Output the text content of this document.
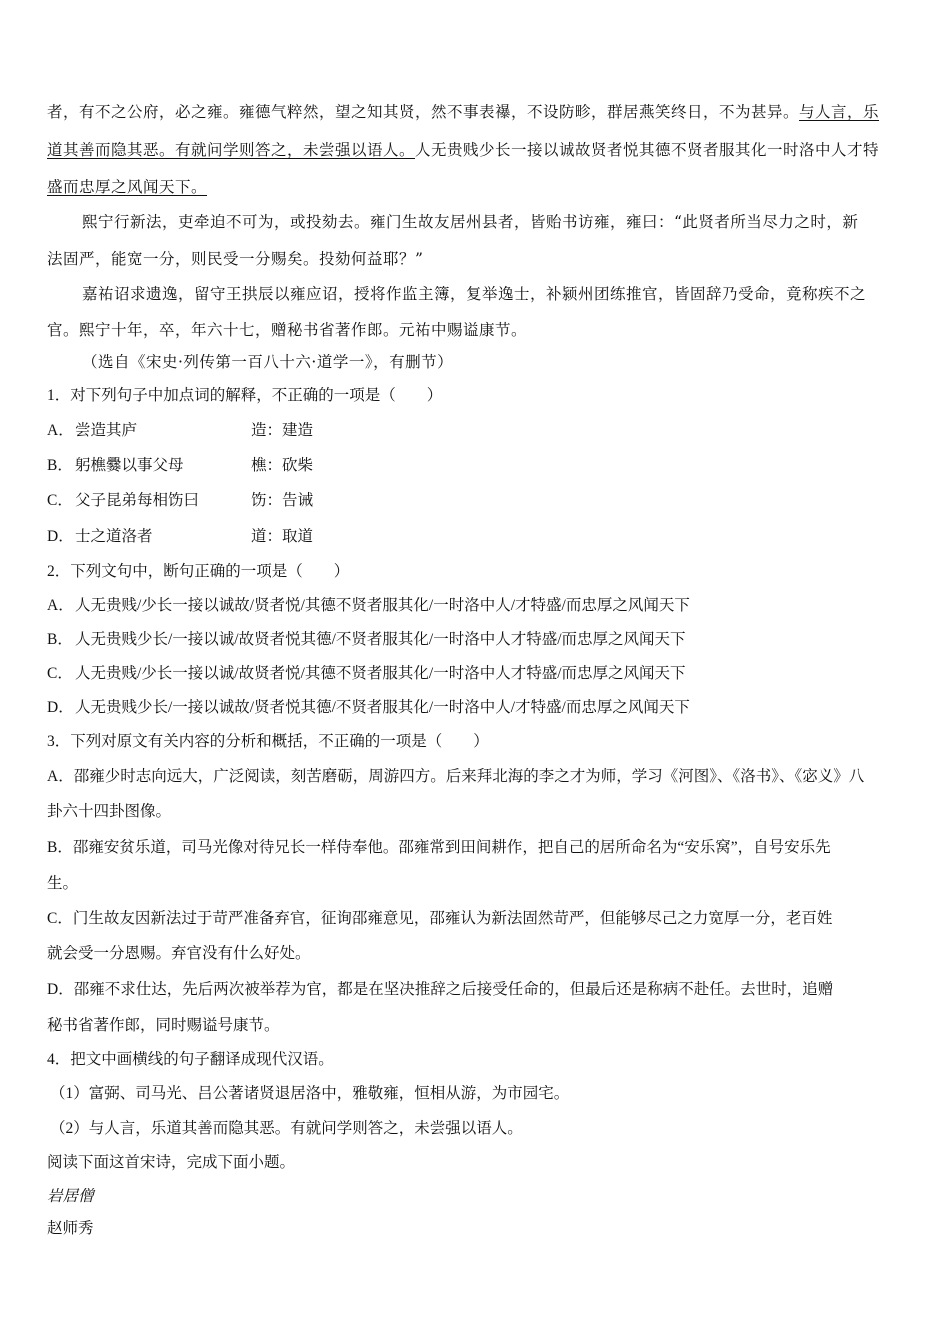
者，有不之公府，必之雍。雍德气粹然，望之知其贤，然不事表襮，不设防畛，群居燕笑终日，不为甚异。与人言，乐
道其善而隐其恶。有就问学则答之，未尝强以语人。人无贵贱少长一接以诚故贤者悦其德不贤者服其化一时洛中人才特
盛而忠厚之风闻天下。
熙宁行新法，吏牵迫不可为，或投劾去。雍门生故友居州县者，皆贻书访雍，雍曰：“此贤者所当尽力之时，新
法固严，能宽一分，则民受一分赐矣。投劾何益耶？”
嘉祐诏求遗逸，留守王拱辰以雍应诏，授将作监主簿，复举逸士，补颍州团练推官，皆固辞乃受命，竟称疾不之
官。熙宁十年，卒，年六十七，赠秘书省著作郎。元祐中赐谥康节。
（选自《宋史·列传第一百八十六·道学一》，有删节）
1．对下列句子中加点词的解释，不正确的一项是（　　）
A．尝造其庐	造：建造
B． 躬樵爨以事父母	樵：砍柴
C． 父子昆弟每相饬曰	饬：告诫
D．士之道洛者	道：取道
2．下列文句中，断句正确的一项是（　　）
A．人无贵贱/少长一接以诚故/贤者悦/其德不贤者服其化/一时洛中人/才特盛/而忠厚之风闻天下
B． 人无贵贱少长/一接以诚/故贤者悦其德/不贤者服其化/一时洛中人才特盛/而忠厚之风闻天下
C． 人无贵贱/少长一接以诚/故贤者悦/其德不贤者服其化/一时洛中人才特盛/而忠厚之风闻天下
D．人无贵贱少长/一接以诚故/贤者悦其德/不贤者服其化/一时洛中人/才特盛/而忠厚之风闻天下
3．下列对原文有关内容的分析和概括，不正确的一项是（　　）
A．邵雍少时志向远大，广泛阅读，刻苦磨砺，周游四方。后来拜北海的李之才为师，学习《河图》、《洛书》、《宓义》八
卦六十四卦图像。
B．邵雍安贫乐道，司马光像对待兄长一样侍奉他。邵雍常到田间耕作，把自己的居所命名为“安乐窝”，自号安乐先
生。
C．门生故友因新法过于苛严准备弃官，征询邵雍意见，邵雍认为新法固然苛严，但能够尽己之力宽厚一分，老百姓
就会受一分恩赐。弃官没有什么好处。
D．邵雍不求仕达，先后两次被举荐为官，都是在坚决推辞之后接受任命的，但最后还是称病不赴任。去世时，追赠
秘书省著作郎，同时赐谥号康节。
4．把文中画横线的句子翻译成现代汉语。
（1）富弼、司马光、吕公著诸贤退居洛中，雅敬雍，恒相从游，为市园宅。
（2）与人言，乐道其善而隐其恶。有就问学则答之，未尝强以语人。
阅读下面这首宋诗，完成下面小题。
岩居僧
赵师秀
